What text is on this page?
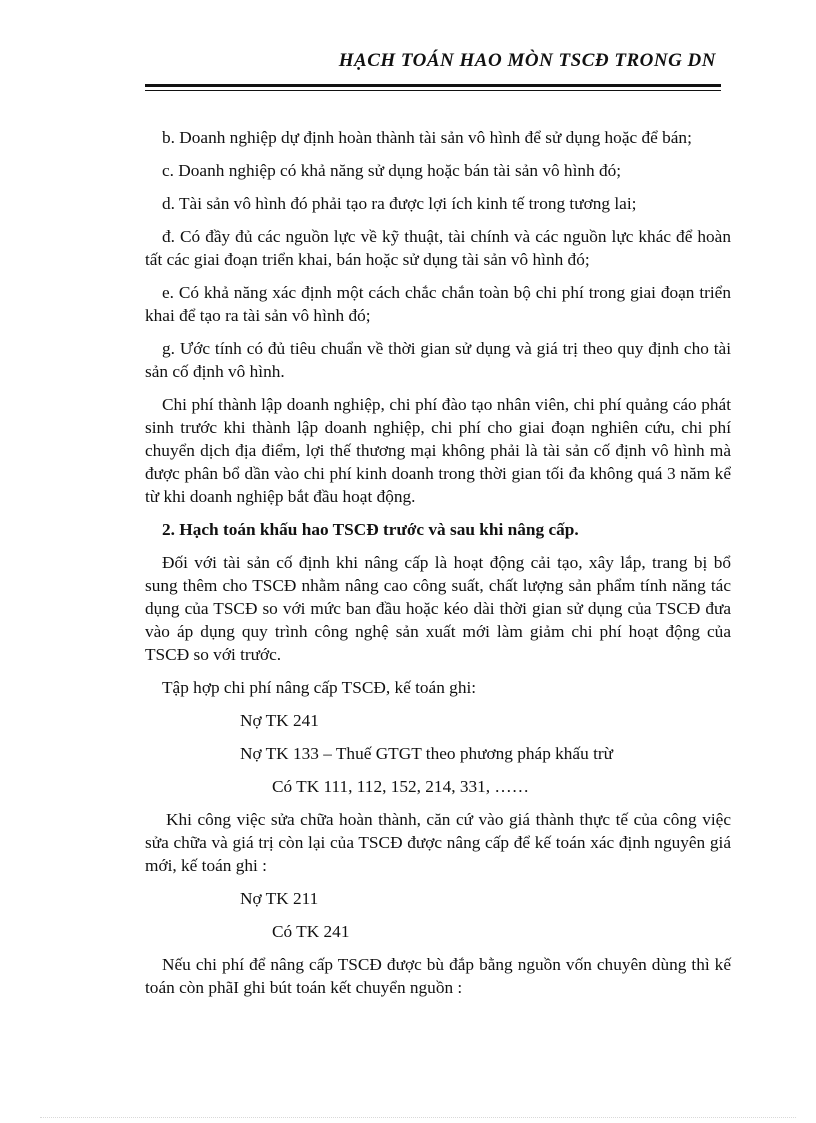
HẠCH TOÁN HAO MÒN TSCĐ TRONG DN

b. Doanh nghiệp dự định hoàn thành tài sản vô hình để sử dụng hoặc để bán;

c. Doanh nghiệp có khả năng sử dụng hoặc bán tài sản vô hình đó;

d. Tài sản vô hình đó phải tạo ra được lợi ích kinh tế trong tương lai;

đ. Có đầy đủ các nguồn lực về kỹ thuật, tài chính và các nguồn lực khác để hoàn tất các giai đoạn triển khai, bán hoặc sử dụng tài sản vô hình đó;

e. Có khả năng xác định một cách chắc chắn toàn bộ chi phí trong giai đoạn triển khai để tạo ra tài sản vô hình đó;

g. Ước tính có đủ tiêu chuẩn về thời gian sử dụng và giá trị theo quy định cho tài sản cố định vô hình.

Chi phí thành lập doanh nghiệp, chi phí đào tạo nhân viên, chi phí quảng cáo phát sinh trước khi thành lập doanh nghiệp, chi phí cho giai đoạn nghiên cứu, chi phí chuyển dịch địa điểm, lợi thế thương mại không phải là tài sản cố định vô hình mà được phân bổ dần vào chi phí kinh doanh trong thời gian tối đa không quá 3 năm kể từ khi doanh nghiệp bắt đầu hoạt động.

2. Hạch toán khấu hao TSCĐ trước và sau khi nâng cấp.

Đối với tài sản cố định khi nâng cấp là hoạt động cải tạo, xây lắp, trang bị bổ sung thêm cho TSCĐ nhằm nâng cao công suất, chất lượng sản phẩm tính năng tác dụng của TSCĐ so với mức ban đầu hoặc kéo dài thời gian sử dụng của TSCĐ đưa vào áp dụng quy trình công nghệ sản xuất mới làm giảm chi phí hoạt động của TSCĐ so với trước.

Tập hợp chi phí nâng cấp TSCĐ, kế toán ghi:

Nợ TK 241
Nợ TK 133 – Thuế GTGT theo phương pháp khấu trừ
Có TK 111, 112, 152, 214, 331, ……

Khi công việc sửa chữa hoàn thành, căn cứ vào giá thành thực tế của công việc sửa chữa và giá trị còn lại của TSCĐ được nâng cấp để kế toán xác định nguyên giá mới, kế toán ghi :

Nợ TK 211
Có TK 241

Nếu chi phí để nâng cấp TSCĐ được bù đắp bằng nguồn vốn chuyên dùng thì kế toán còn phãI ghi bút toán kết chuyển nguồn :
